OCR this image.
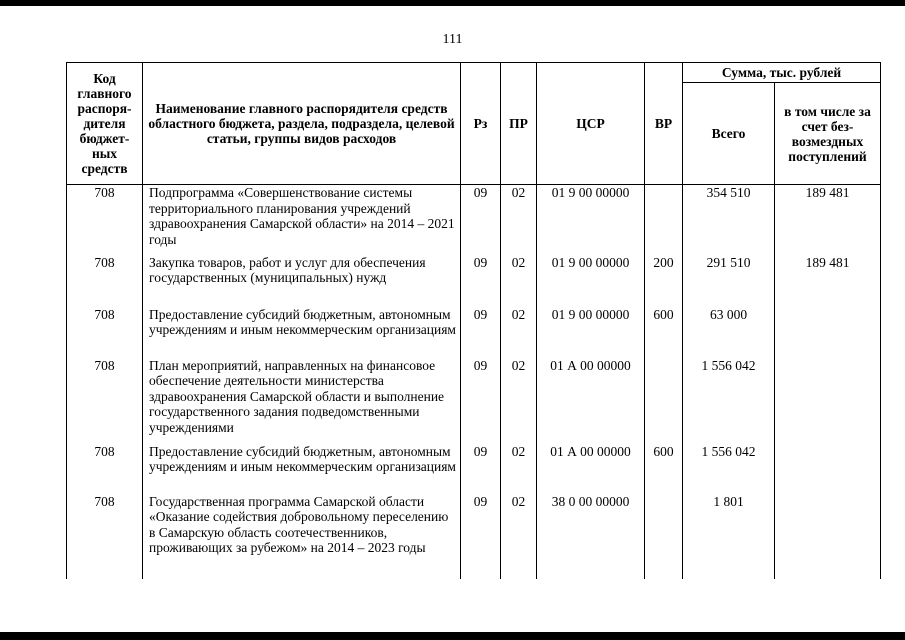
111
Код главного распоря-дителя бюджет-ных средств	Наименование главного распорядителя средств областного бюджета, раздела, подраздела, целевой статьи, группы видов расходов	Рз	ПР	ЦСР	ВР	Сумма, тыс. рублей	
						Всего	в том числе за счет без-возмездных поступлений
708	Подпрограмма «Совершенствование системы территориального планирования учреждений здравоохранения Самарской области» на 2014 – 2021 годы	09	02	01 9 00 00000		354 510	189 481
708	Закупка товаров, работ и услуг для обеспечения государственных (муниципальных) нужд	09	02	01 9 00 00000	200	291 510	189 481
708	Предоставление субсидий бюджетным, автономным учреждениям и иным некоммерческим организациям	09	02	01 9 00 00000	600	63 000	
708	План мероприятий, направленных на финансовое обеспечение деятельности министерства здравоохранения Самарской области и выполнение государственного задания подведомственными учреждениями	09	02	01 А 00 00000		1 556 042	
708	Предоставление субсидий бюджетным, автономным учреждениям и иным некоммерческим организациям	09	02	01 А 00 00000	600	1 556 042	
708	Государственная программа Самарской области «Оказание содействия добровольному переселению в Самарскую область соотечественников, проживающих за рубежом» на 2014 – 2023 годы	09	02	38 0 00 00000		1 801	
